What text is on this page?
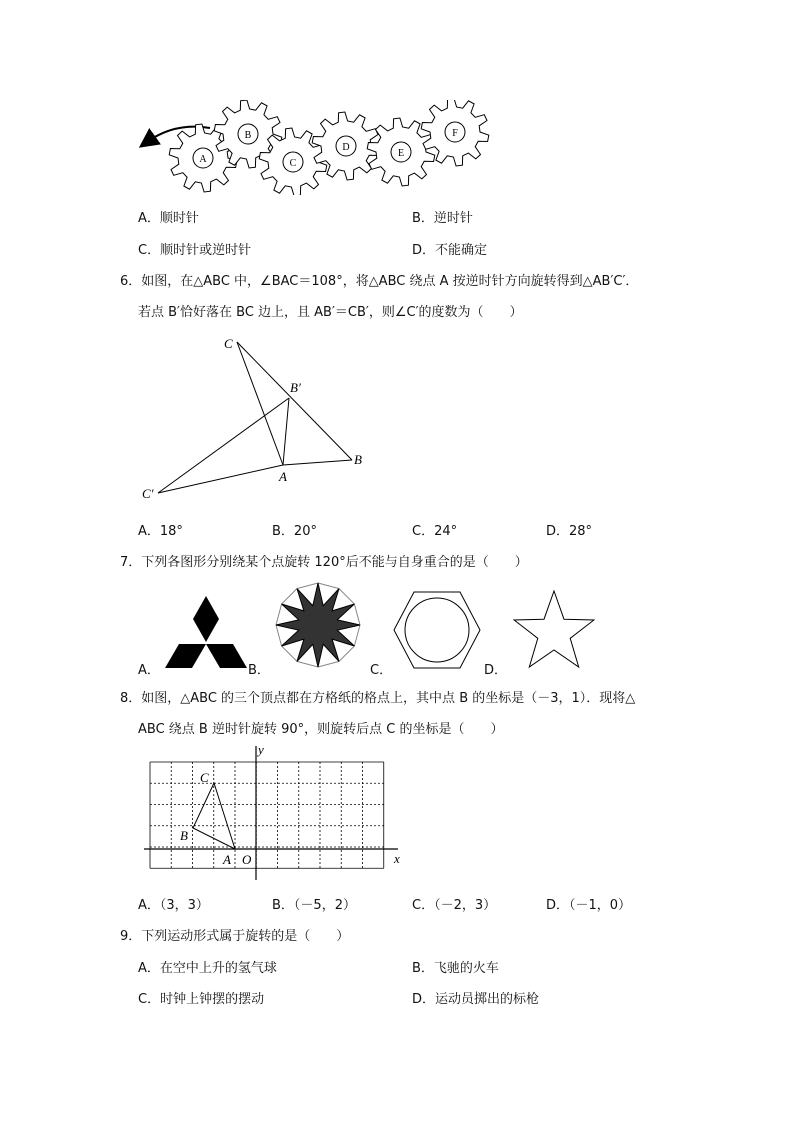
A
B
C
D
E
F
A．顺时针	B．逆时针
C．顺时针或逆时针	D．不能确定
6．如图，在△ABC 中，∠BAC＝108°，将△ABC 绕点 A 按逆时针方向旋转得到△AB′C′．
若点 B′恰好落在 BC 边上，且 AB′＝CB′，则∠C′的度数为（　　）
C
B′
A
B
C′
A．18°	B．20°	C．24°	D．28°
7．下列各图形分别绕某个点旋转 120°后不能与自身重合的是（　　）
A．	B．	C．	D．
8．如图，△ABC 的三个顶点都在方格纸的格点上，其中点 B 的坐标是（－3，1）．现将△
ABC 绕点 B 逆时针旋转 90°，则旋转后点 C 的坐标是（　　）
C
B
A O	x
y
A．（3，3）	B．（－5，2）	C．（－2，3）	D．（－1，0）
9．下列运动形式属于旋转的是（　　）
A．在空中上升的氢气球	B．飞驰的火车
C．时钟上钟摆的摆动	D．运动员掷出的标枪
